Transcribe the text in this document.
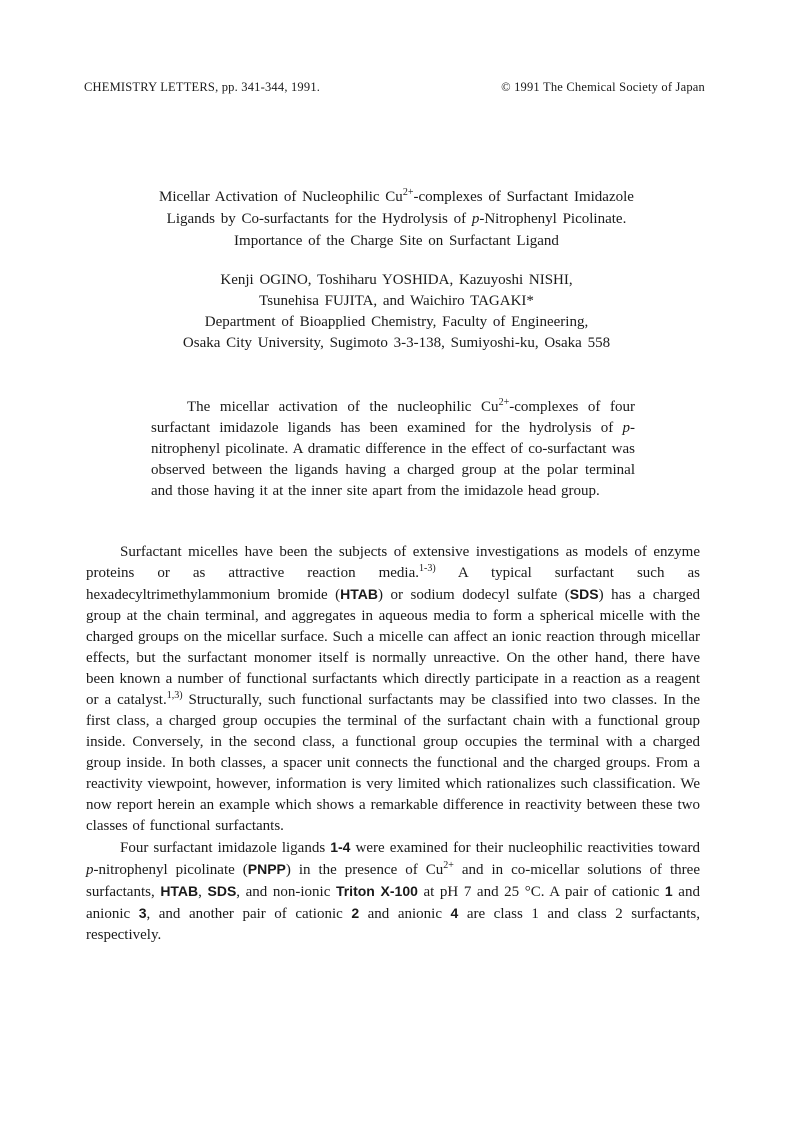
CHEMISTRY LETTERS, pp. 341-344, 1991.	© 1991 The Chemical Society of Japan
Micellar Activation of Nucleophilic $Cu^{2+}$-complexes of Surfactant Imidazole
Ligands by Co-surfactants for the Hydrolysis of p-Nitrophenyl Picolinate.
Importance of the Charge Site on Surfactant Ligand
Kenji OGINO, Toshiharu YOSHIDA, Kazuyoshi NISHI,
Tsunehisa FUJITA, and Waichiro TAGAKI*
Department of Bioapplied Chemistry, Faculty of Engineering,
Osaka City University, Sugimoto 3-3-138, Sumiyoshi-ku, Osaka 558
The micellar activation of the nucleophilic $Cu^{2+}$-complexes of four surfactant imidazole ligands has been examined for the hydrolysis of p-nitrophenyl picolinate. A dramatic difference in the effect of co-surfactant was observed between the ligands having a charged group at the polar terminal and those having it at the inner site apart from the imidazole head group.

Surfactant micelles have been the subjects of extensive investigations as models of enzyme proteins or as attractive reaction media.$^{1-3)}$ A typical surfactant such as hexadecyltrimethylammonium bromide (HTAB) or sodium dodecyl sulfate (SDS) has a charged group at the chain terminal, and aggregates in aqueous media to form a spherical micelle with the charged groups on the micellar surface. Such a micelle can affect an ionic reaction through micellar effects, but the surfactant monomer itself is normally unreactive. On the other hand, there have been known a number of functional surfactants which directly participate in a reaction as a reagent or a catalyst.$^{1,3)}$ Structurally, such functional surfactants may be classified into two classes. In the first class, a charged group occupies the terminal of the surfactant chain with a functional group inside. Conversely, in the second class, a functional group occupies the terminal with a charged group inside. In both classes, a spacer unit connects the functional and the charged groups. From a reactivity viewpoint, however, information is very limited which rationalizes such classification. We now report herein an example which shows a remarkable difference in reactivity between these two classes of functional surfactants.

Four surfactant imidazole ligands 1-4 were examined for their nucleophilic reactivities toward p-nitrophenyl picolinate (PNPP) in the presence of $Cu^{2+}$ and in co-micellar solutions of three surfactants, HTAB, SDS, and non-ionic Triton X-100 at pH 7 and 25 °C. A pair of cationic 1 and anionic 3, and another pair of cationic 2 and anionic 4 are class 1 and class 2 surfactants, respectively.
